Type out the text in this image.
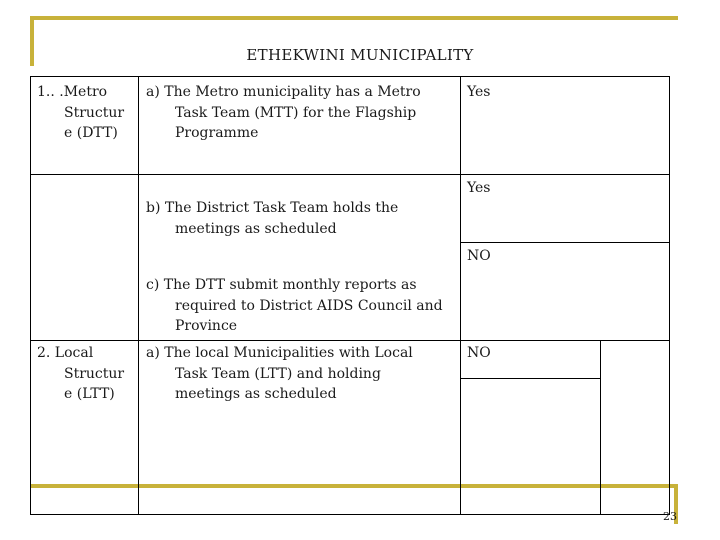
ETHEKWINI MUNICIPALITY
1.. .Metro
Structur
e (DTT)
a) The Metro municipality has a Metro
Task Team (MTT) for the Flagship
Programme
Yes
b) The District Task Team holds the
meetings as scheduled
Yes
c) The DTT submit monthly reports as
required to District AIDS Council and
Province
NO
2. Local
Structur
e (LTT)
a) The local Municipalities with Local
Task Team (LTT) and holding
meetings as scheduled
NO
23
